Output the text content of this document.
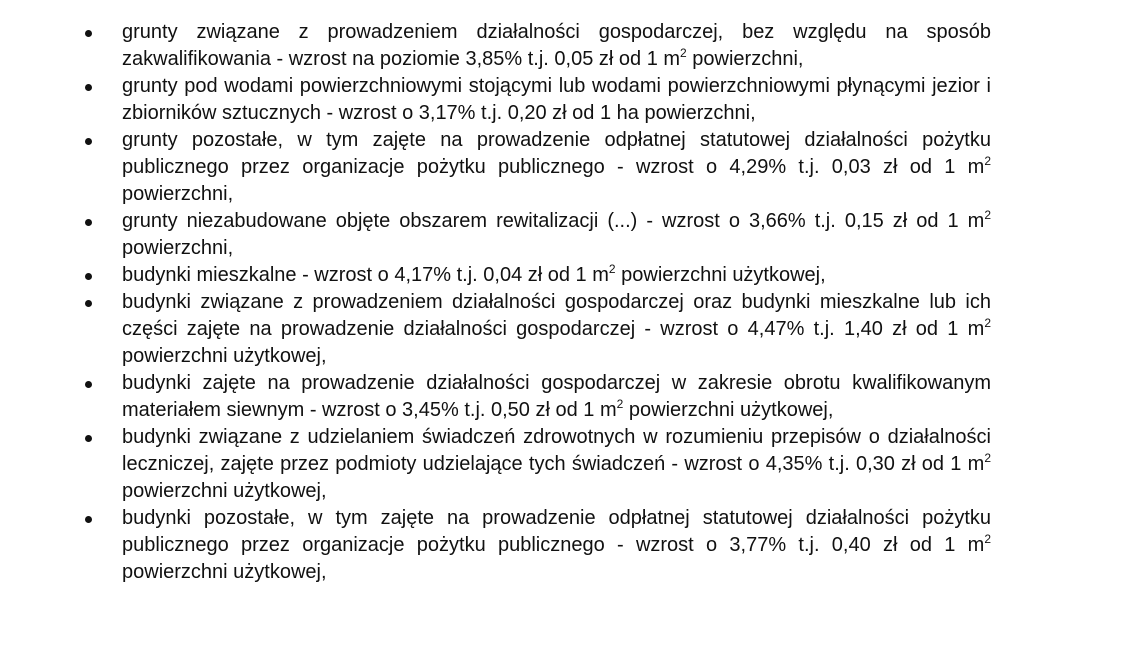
grunty związane z prowadzeniem działalności gospodarczej, bez względu na sposób zakwalifikowania - wzrost na poziomie 3,85% t.j. 0,05 zł od 1 $m^2$ powierzchni,
grunty pod wodami powierzchniowymi stojącymi lub wodami powierzchniowymi płynącymi jezior i zbiorników sztucznych - wzrost o 3,17% t.j. 0,20 zł od 1 ha powierzchni,
grunty pozostałe, w tym zajęte na prowadzenie odpłatnej statutowej działalności pożytku publicznego przez organizacje pożytku publicznego - wzrost o 4,29% t.j. 0,03 zł od 1 $m^2$ powierzchni,
grunty niezabudowane objęte obszarem rewitalizacji (...) - wzrost o 3,66% t.j. 0,15 zł od 1 $m^2$ powierzchni,
budynki mieszkalne - wzrost o 4,17% t.j. 0,04 zł od 1 $m^2$ powierzchni użytkowej,
budynki związane z prowadzeniem działalności gospodarczej oraz budynki mieszkalne lub ich części zajęte na prowadzenie działalności gospodarczej - wzrost o 4,47% t.j. 1,40 zł od 1 $m^2$ powierzchni użytkowej,
budynki zajęte na prowadzenie działalności gospodarczej w zakresie obrotu kwalifikowanym materiałem siewnym - wzrost o 3,45% t.j. 0,50 zł od 1 $m^2$ powierzchni użytkowej,
budynki związane z udzielaniem świadczeń zdrowotnych w rozumieniu przepisów o działalności leczniczej, zajęte przez podmioty udzielające tych świadczeń - wzrost o 4,35% t.j. 0,30 zł od 1 $m^2$ powierzchni użytkowej,
budynki pozostałe, w tym zajęte na prowadzenie odpłatnej statutowej działalności pożytku publicznego przez organizacje pożytku publicznego - wzrost o 3,77% t.j. 0,40 zł od 1 $m^2$ powierzchni użytkowej,
